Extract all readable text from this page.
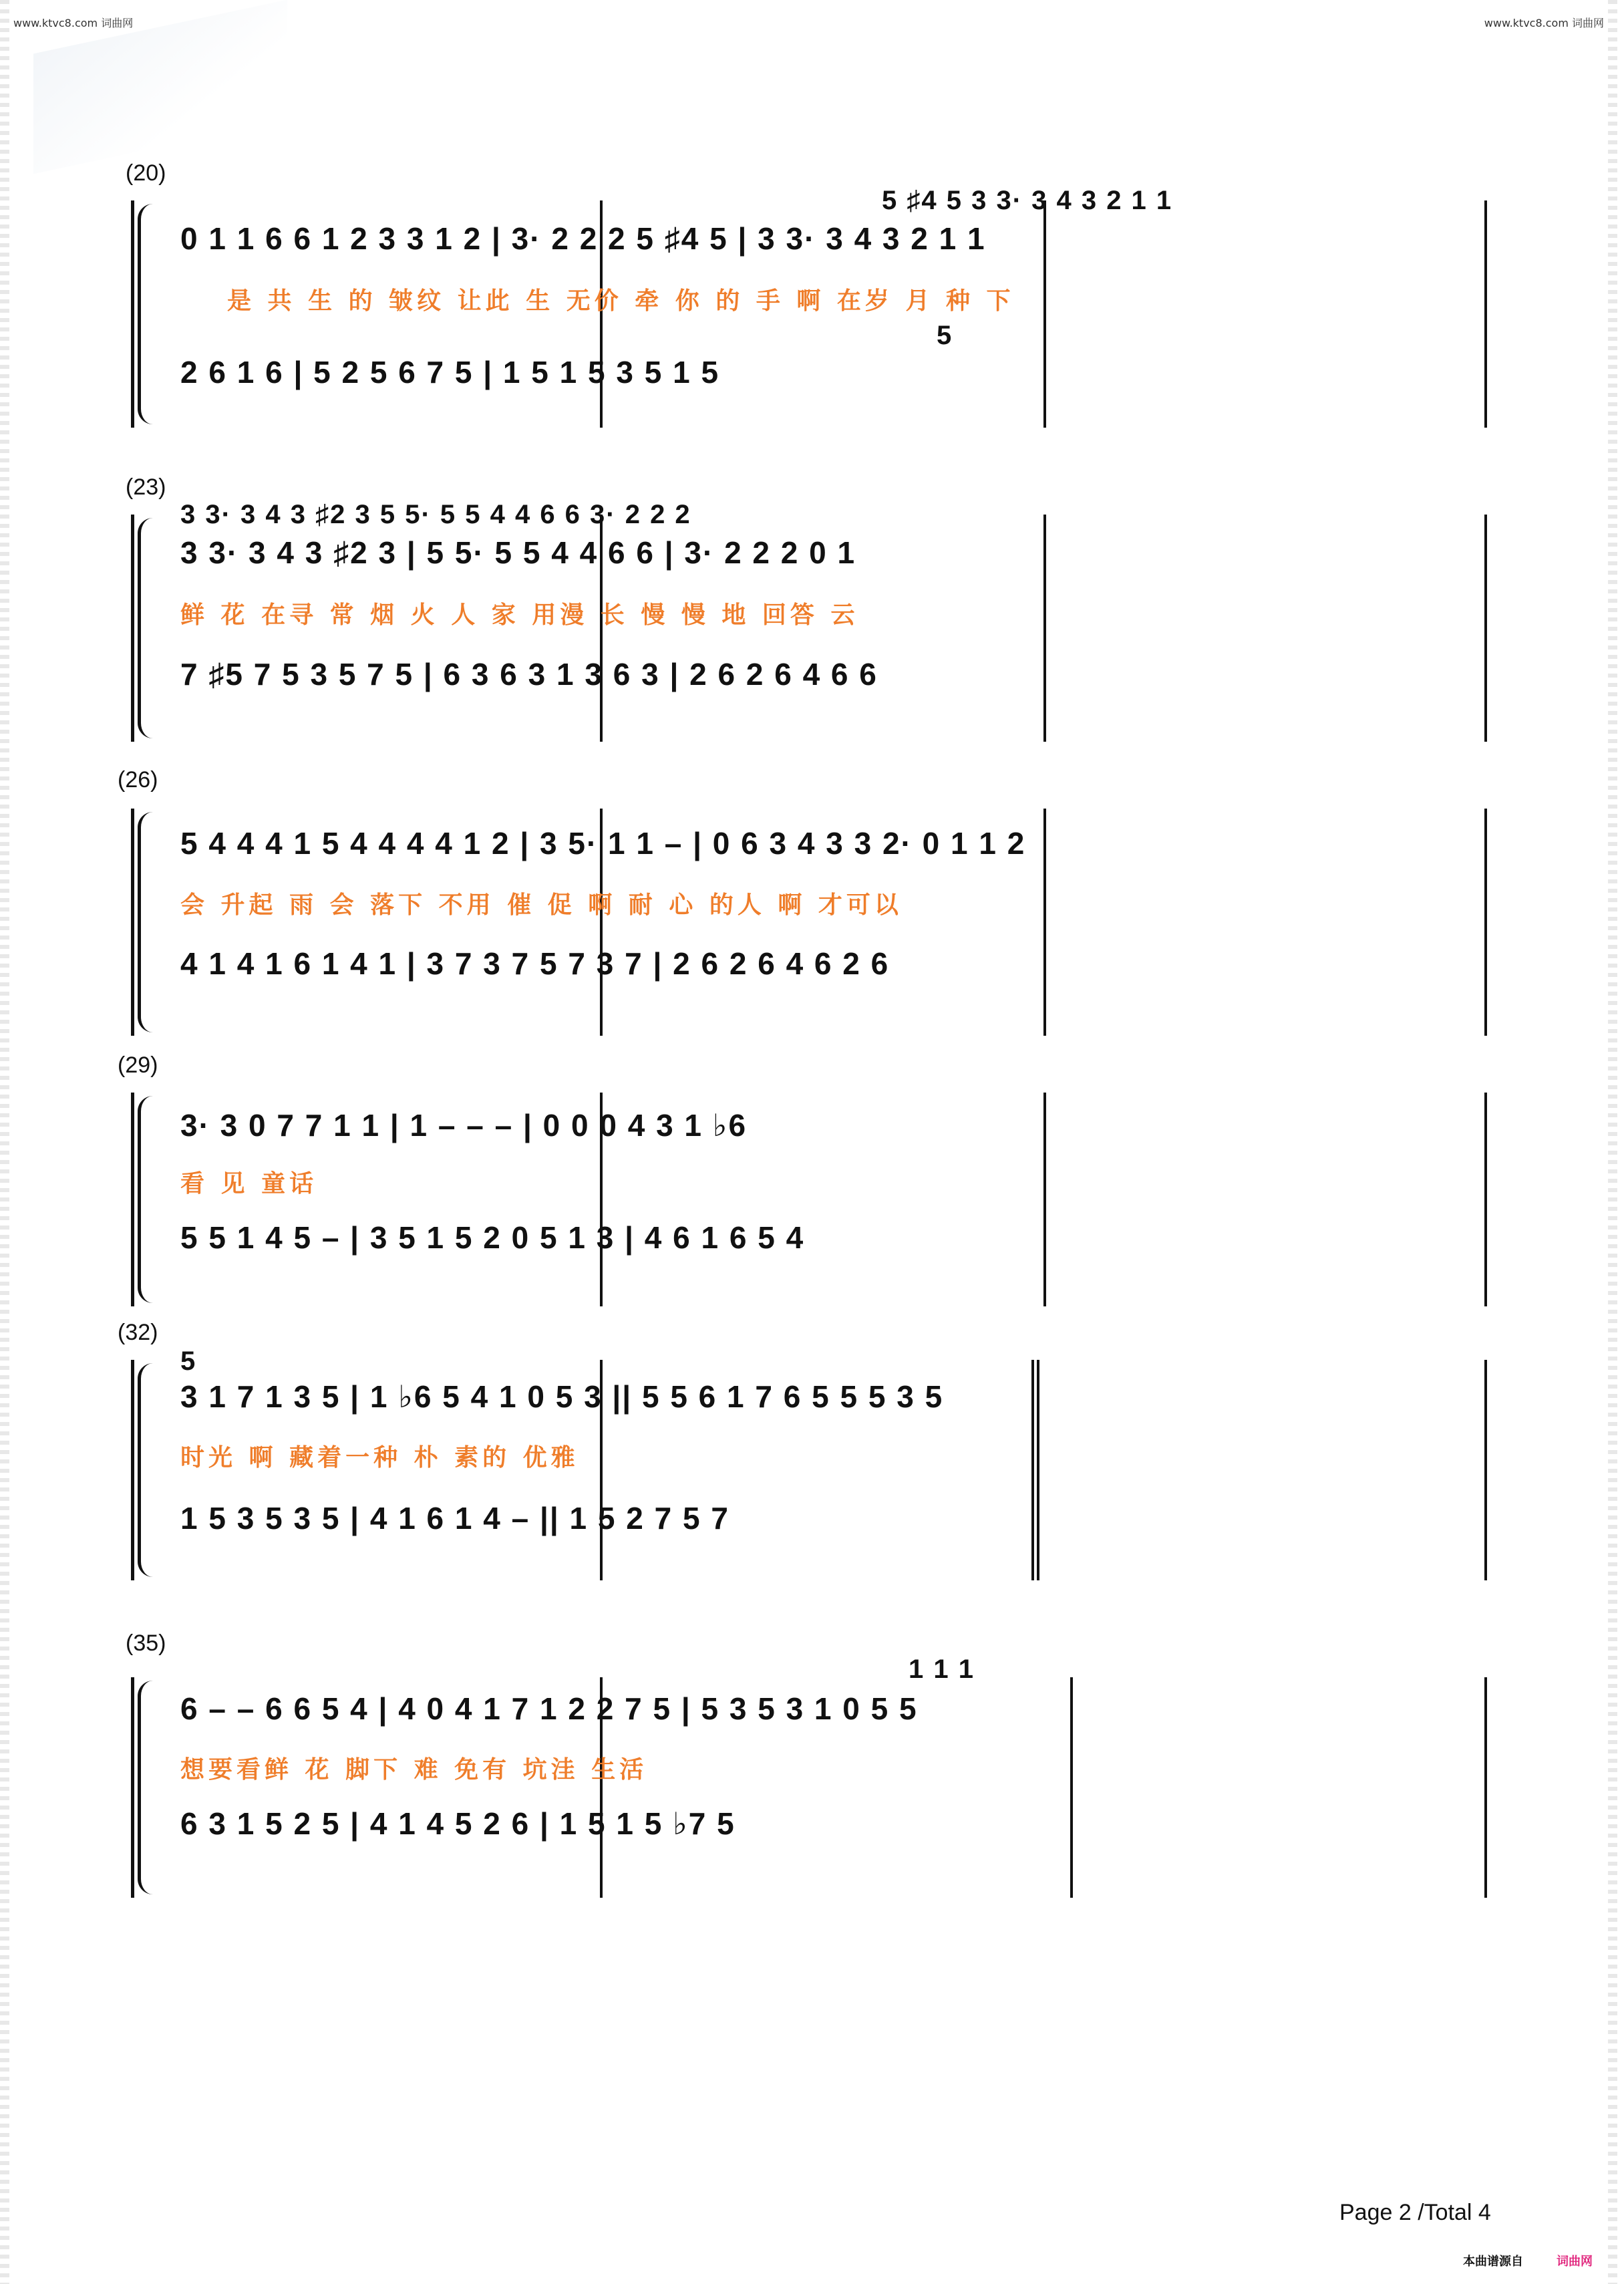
www.ktvc8.com 词曲网	www.ktvc8.com 词曲网
(20)
5 ♯4 5 3 3· 3 4 3 2 1 1
0 1 1 6 6 1 2 3 3 1 2 | 3· 2 2 2 5 ♯4 5 | 3 3· 3 4 3 2 1 1
是 共 生 的 皱纹 让此 生 无价 牵 你 的 手 啊 在岁 月 种 下
5
2 6 1 6 | 5 2 5 6 7 5 | 1 5 1 5 3 5 1 5
(23)
3 3· 3 4 3 ♯2 3 5 5· 5 5 4 4 6 6 3· 2 2 2
3 3· 3 4 3 ♯2 3 | 5 5· 5 5 4 4 6 6 | 3· 2 2 2 0 1
鲜 花 在寻 常 烟 火 人 家 用漫 长 慢 慢 地 回答 云
7 ♯5 7 5 3 5 7 5 | 6 3 6 3 1 3 6 3 | 2 6 2 6 4 6 6
(26)
5 4 4 4 1 5 4 4 4 4 1 2 | 3 5· 1 1 – | 0 6 3 4 3 3 2· 0 1 1 2
会 升起 雨 会 落下 不用 催 促 啊 耐 心 的人 啊 才可以
4 1 4 1 6 1 4 1 | 3 7 3 7 5 7 3 7 | 2 6 2 6 4 6 2 6
(29)
3· 3 0 7 7 1 1 | 1 – – – | 0 0 0 4 3 1 ♭6
看 见 童话
5 5 1 4 5 – | 3 5 1 5 2 0 5 1 3 | 4 6 1 6 5 4
(32)
5
3 1 7 1 3 5 | 1 ♭6 5 4 1 0 5 3 || 5 5 6 1 7 6 5 5 5 3 5
时光 啊 藏着一种 朴 素的 优雅
1 5 3 5 3 5 | 4 1 6 1 4 – || 1 5 2 7 5 7
(35)
1 1 1
6 – – 6 6 5 4 | 4 0 4 1 7 1 2 2 7 5 | 5 3 5 3 1 0 5 5
想要看鲜 花 脚下 难 免有 坑洼 生活
6 3 1 5 2 5 | 4 1 4 5 2 6 | 1 5 1 5 ♭7 5
Page 2 /Total 4
本曲谱源自	词曲网
